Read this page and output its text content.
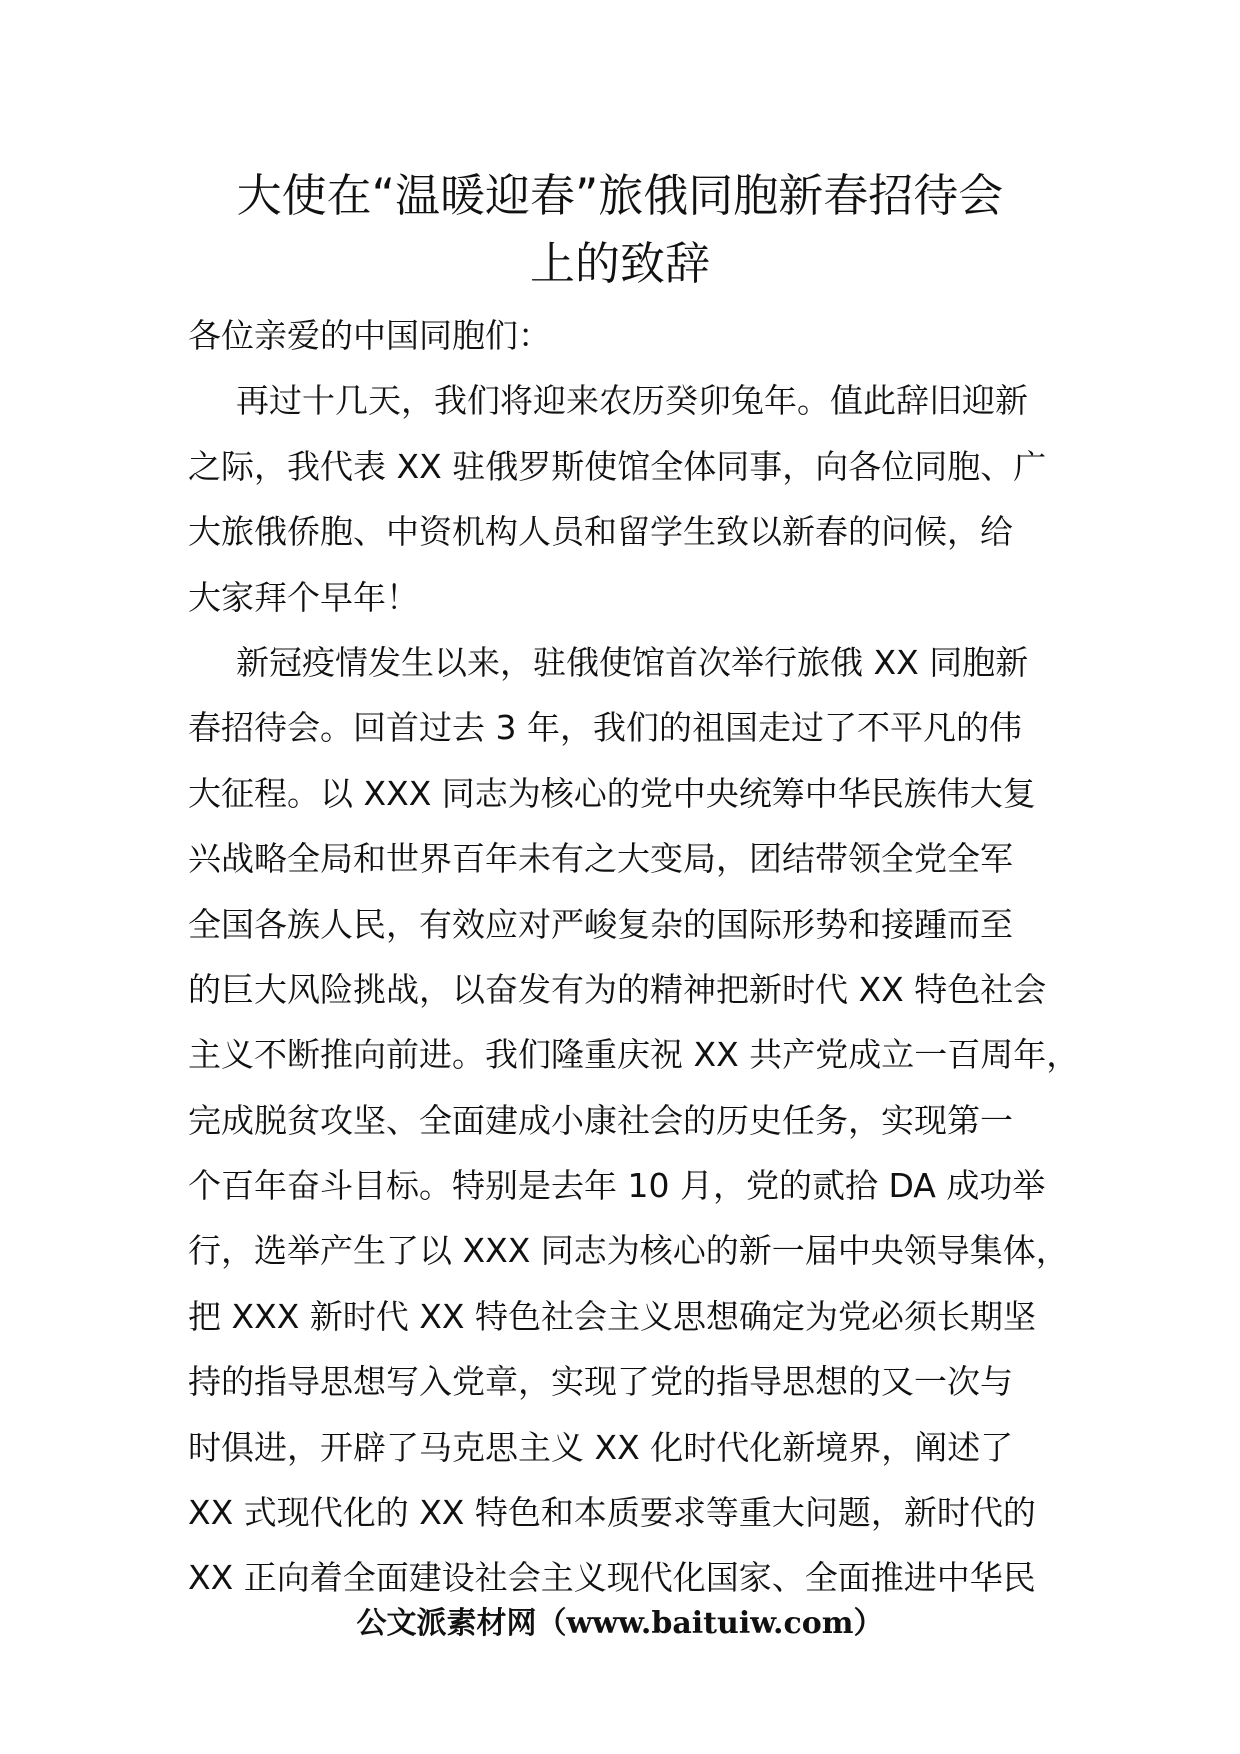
大使在“温暖迎春”旅俄同胞新春招待会
上的致辞
各位亲爱的中国同胞们：

再过十几天，我们将迎来农历癸卯兔年。值此辞旧迎新
之际，我代表 XX 驻俄罗斯使馆全体同事，向各位同胞、广
大旅俄侨胞、中资机构人员和留学生致以新春的问候，给
大家拜个早年！

新冠疫情发生以来，驻俄使馆首次举行旅俄 XX 同胞新
春招待会。回首过去 3 年，我们的祖国走过了不平凡的伟
大征程。以 XXX 同志为核心的党中央统筹中华民族伟大复
兴战略全局和世界百年未有之大变局，团结带领全党全军
全国各族人民，有效应对严峻复杂的国际形势和接踵而至
的巨大风险挑战，以奋发有为的精神把新时代 XX 特色社会
主义不断推向前进。我们隆重庆祝 XX 共产党成立一百周年，
完成脱贫攻坚、全面建成小康社会的历史任务，实现第一
个百年奋斗目标。特别是去年 10 月，党的贰拾 DA 成功举
行，选举产生了以 XXX 同志为核心的新一届中央领导集体，
把 XXX 新时代 XX 特色社会主义思想确定为党必须长期坚
持的指导思想写入党章，实现了党的指导思想的又一次与
时俱进，开辟了马克思主义 XX 化时代化新境界，阐述了
XX 式现代化的 XX 特色和本质要求等重大问题，新时代的
XX 正向着全面建设社会主义现代化国家、全面推进中华民

公文派素材网（www.baituiw.com）
